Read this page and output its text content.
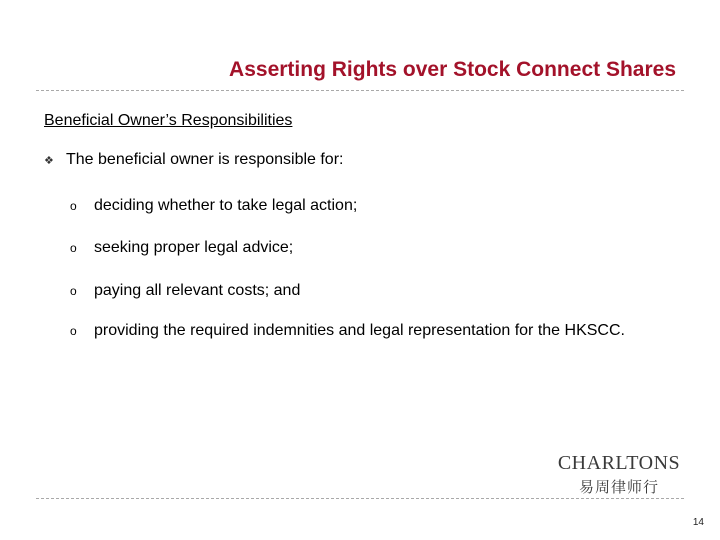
Asserting Rights over Stock Connect Shares
Beneficial Owner’s Responsibilities
❖ The beneficial owner is responsible for:
o	deciding whether to take legal action;
o	seeking proper legal advice;
o	paying all relevant costs; and
o	providing the required indemnities and legal representation for the HKSCC.
CHARLTONS
易周律师行
14
